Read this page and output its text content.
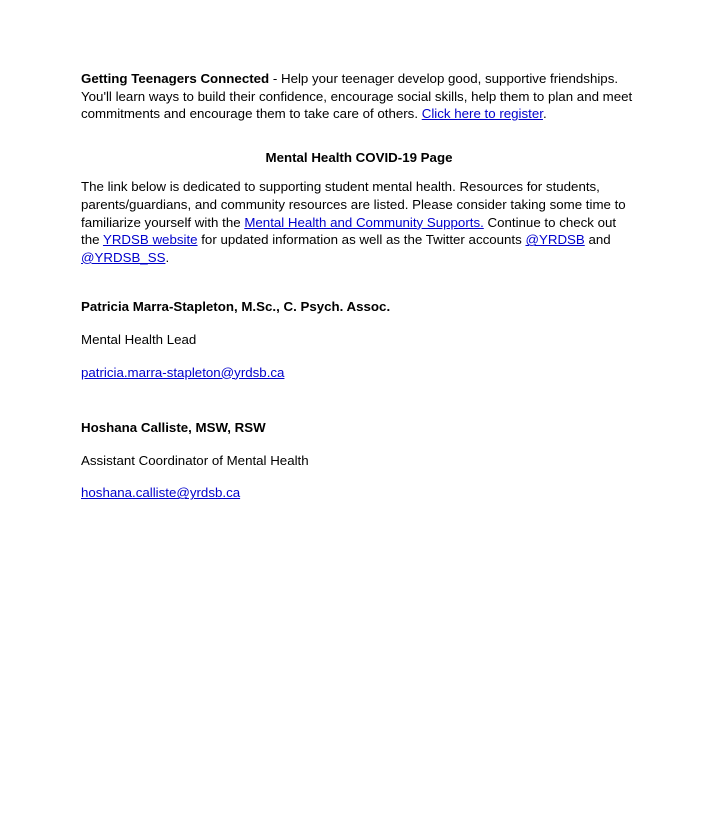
Getting Teenagers Connected - Help your teenager develop good, supportive friendships. You'll learn ways to build their confidence, encourage social skills, help them to plan and meet commitments and encourage them to take care of others. Click here to register.

Mental Health COVID-19 Page

The link below is dedicated to supporting student mental health. Resources for students, parents/guardians, and community resources are listed. Please consider taking some time to familiarize yourself with the Mental Health and Community Supports. Continue to check out the YRDSB website for updated information as well as the Twitter accounts @YRDSB and @YRDSB_SS.

Patricia Marra-Stapleton, M.Sc., C. Psych. Assoc.

Mental Health Lead

patricia.marra-stapleton@yrdsb.ca

Hoshana Calliste, MSW, RSW

Assistant Coordinator of Mental Health

hoshana.calliste@yrdsb.ca
